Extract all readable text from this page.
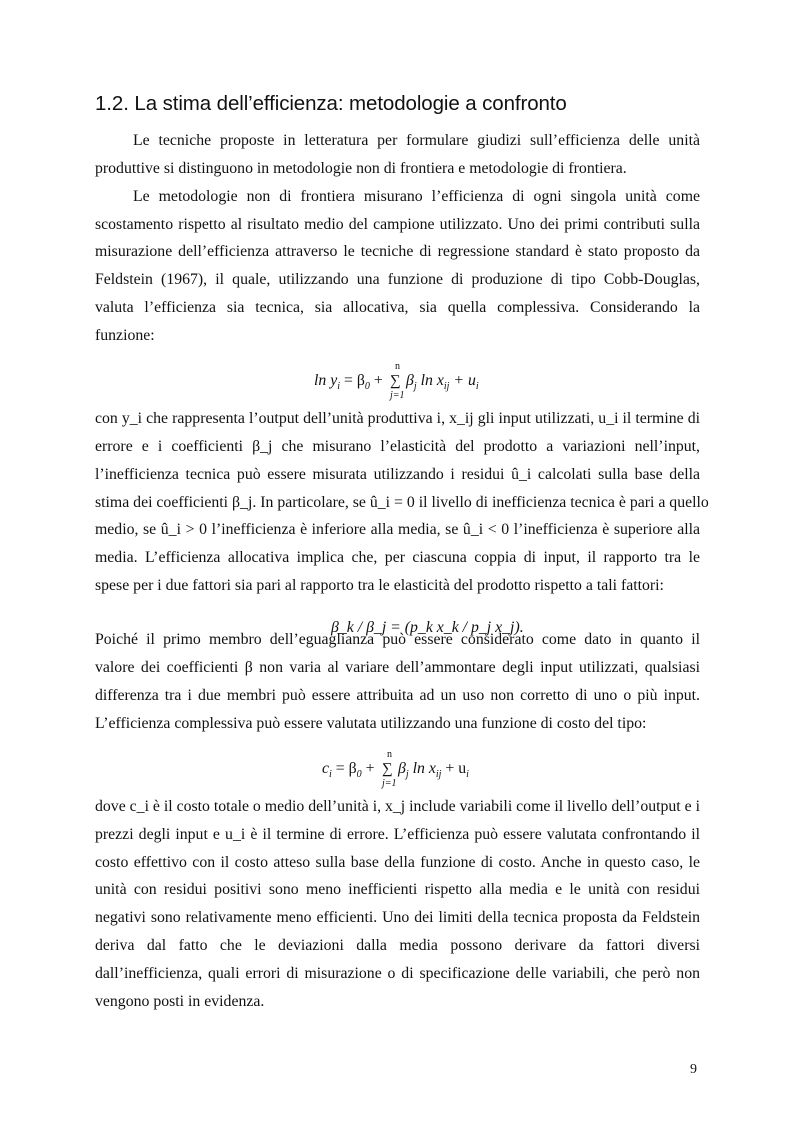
1.2. La stima dell’efficienza: metodologie a confronto

Le tecniche proposte in letteratura per formulare giudizi sull’efficienza delle unità

produttive si distinguono in metodologie non di frontiera e metodologie di frontiera.

Le metodologie non di frontiera misurano l’efficienza di ogni singola unità come

scostamento rispetto al risultato medio del campione utilizzato. Uno dei primi contributi sulla

misurazione dell’efficienza attraverso le tecniche di regressione standard è stato proposto da

Feldstein (1967), il quale, utilizzando una funzione di produzione di tipo Cobb-Douglas,

valuta l’efficienza sia tecnica, sia allocativa, sia quella complessiva. Considerando la

funzione:

$\ln y_i = \beta_0$ +
n
∑
j=1
$\beta_j$ $\ln x_{ij} + u_i$

con y_i che rappresenta l’output dell’unità produttiva i, x_ij gli input utilizzati, u_i il termine di

errore e i coefficienti β_j che misurano l’elasticità del prodotto a variazioni nell’input,

l’inefficienza tecnica può essere misurata utilizzando i residui û_i calcolati sulla base della

stima dei coefficienti β_j. In particolare, se û_i = 0 il livello di inefficienza tecnica è pari a quello

medio, se û_i > 0 l’inefficienza è inferiore alla media, se û_i < 0 l’inefficienza è superiore alla

media. L’efficienza allocativa implica che, per ciascuna coppia di input, il rapporto tra le

spese per i due fattori sia pari al rapporto tra le elasticità del prodotto rispetto a tali fattori:

β_k / β_j = (p_k x_k / p_j x_j).

Poiché il primo membro dell’eguaglianza può essere considerato come dato in quanto il

valore dei coefficienti β non varia al variare dell’ammontare degli input utilizzati, qualsiasi

differenza tra i due membri può essere attribuita ad un uso non corretto di uno o più input.

L’efficienza complessiva può essere valutata utilizzando una funzione di costo del tipo:

$c_i = \beta_0$ +
n
∑
j=1
$\beta_j$ $\ln x_{ij} + u_i$

dove c_i è il costo totale o medio dell’unità i, x_j include variabili come il livello dell’output e i

prezzi degli input e u_i è il termine di errore. L’efficienza può essere valutata confrontando il

costo effettivo con il costo atteso sulla base della funzione di costo. Anche in questo caso, le

unità con residui positivi sono meno inefficienti rispetto alla media e le unità con residui

negativi sono relativamente meno efficienti. Uno dei limiti della tecnica proposta da Feldstein

deriva dal fatto che le deviazioni dalla media possono derivare da fattori diversi

dall’inefficienza, quali errori di misurazione o di specificazione delle variabili, che però non

vengono posti in evidenza.

9
